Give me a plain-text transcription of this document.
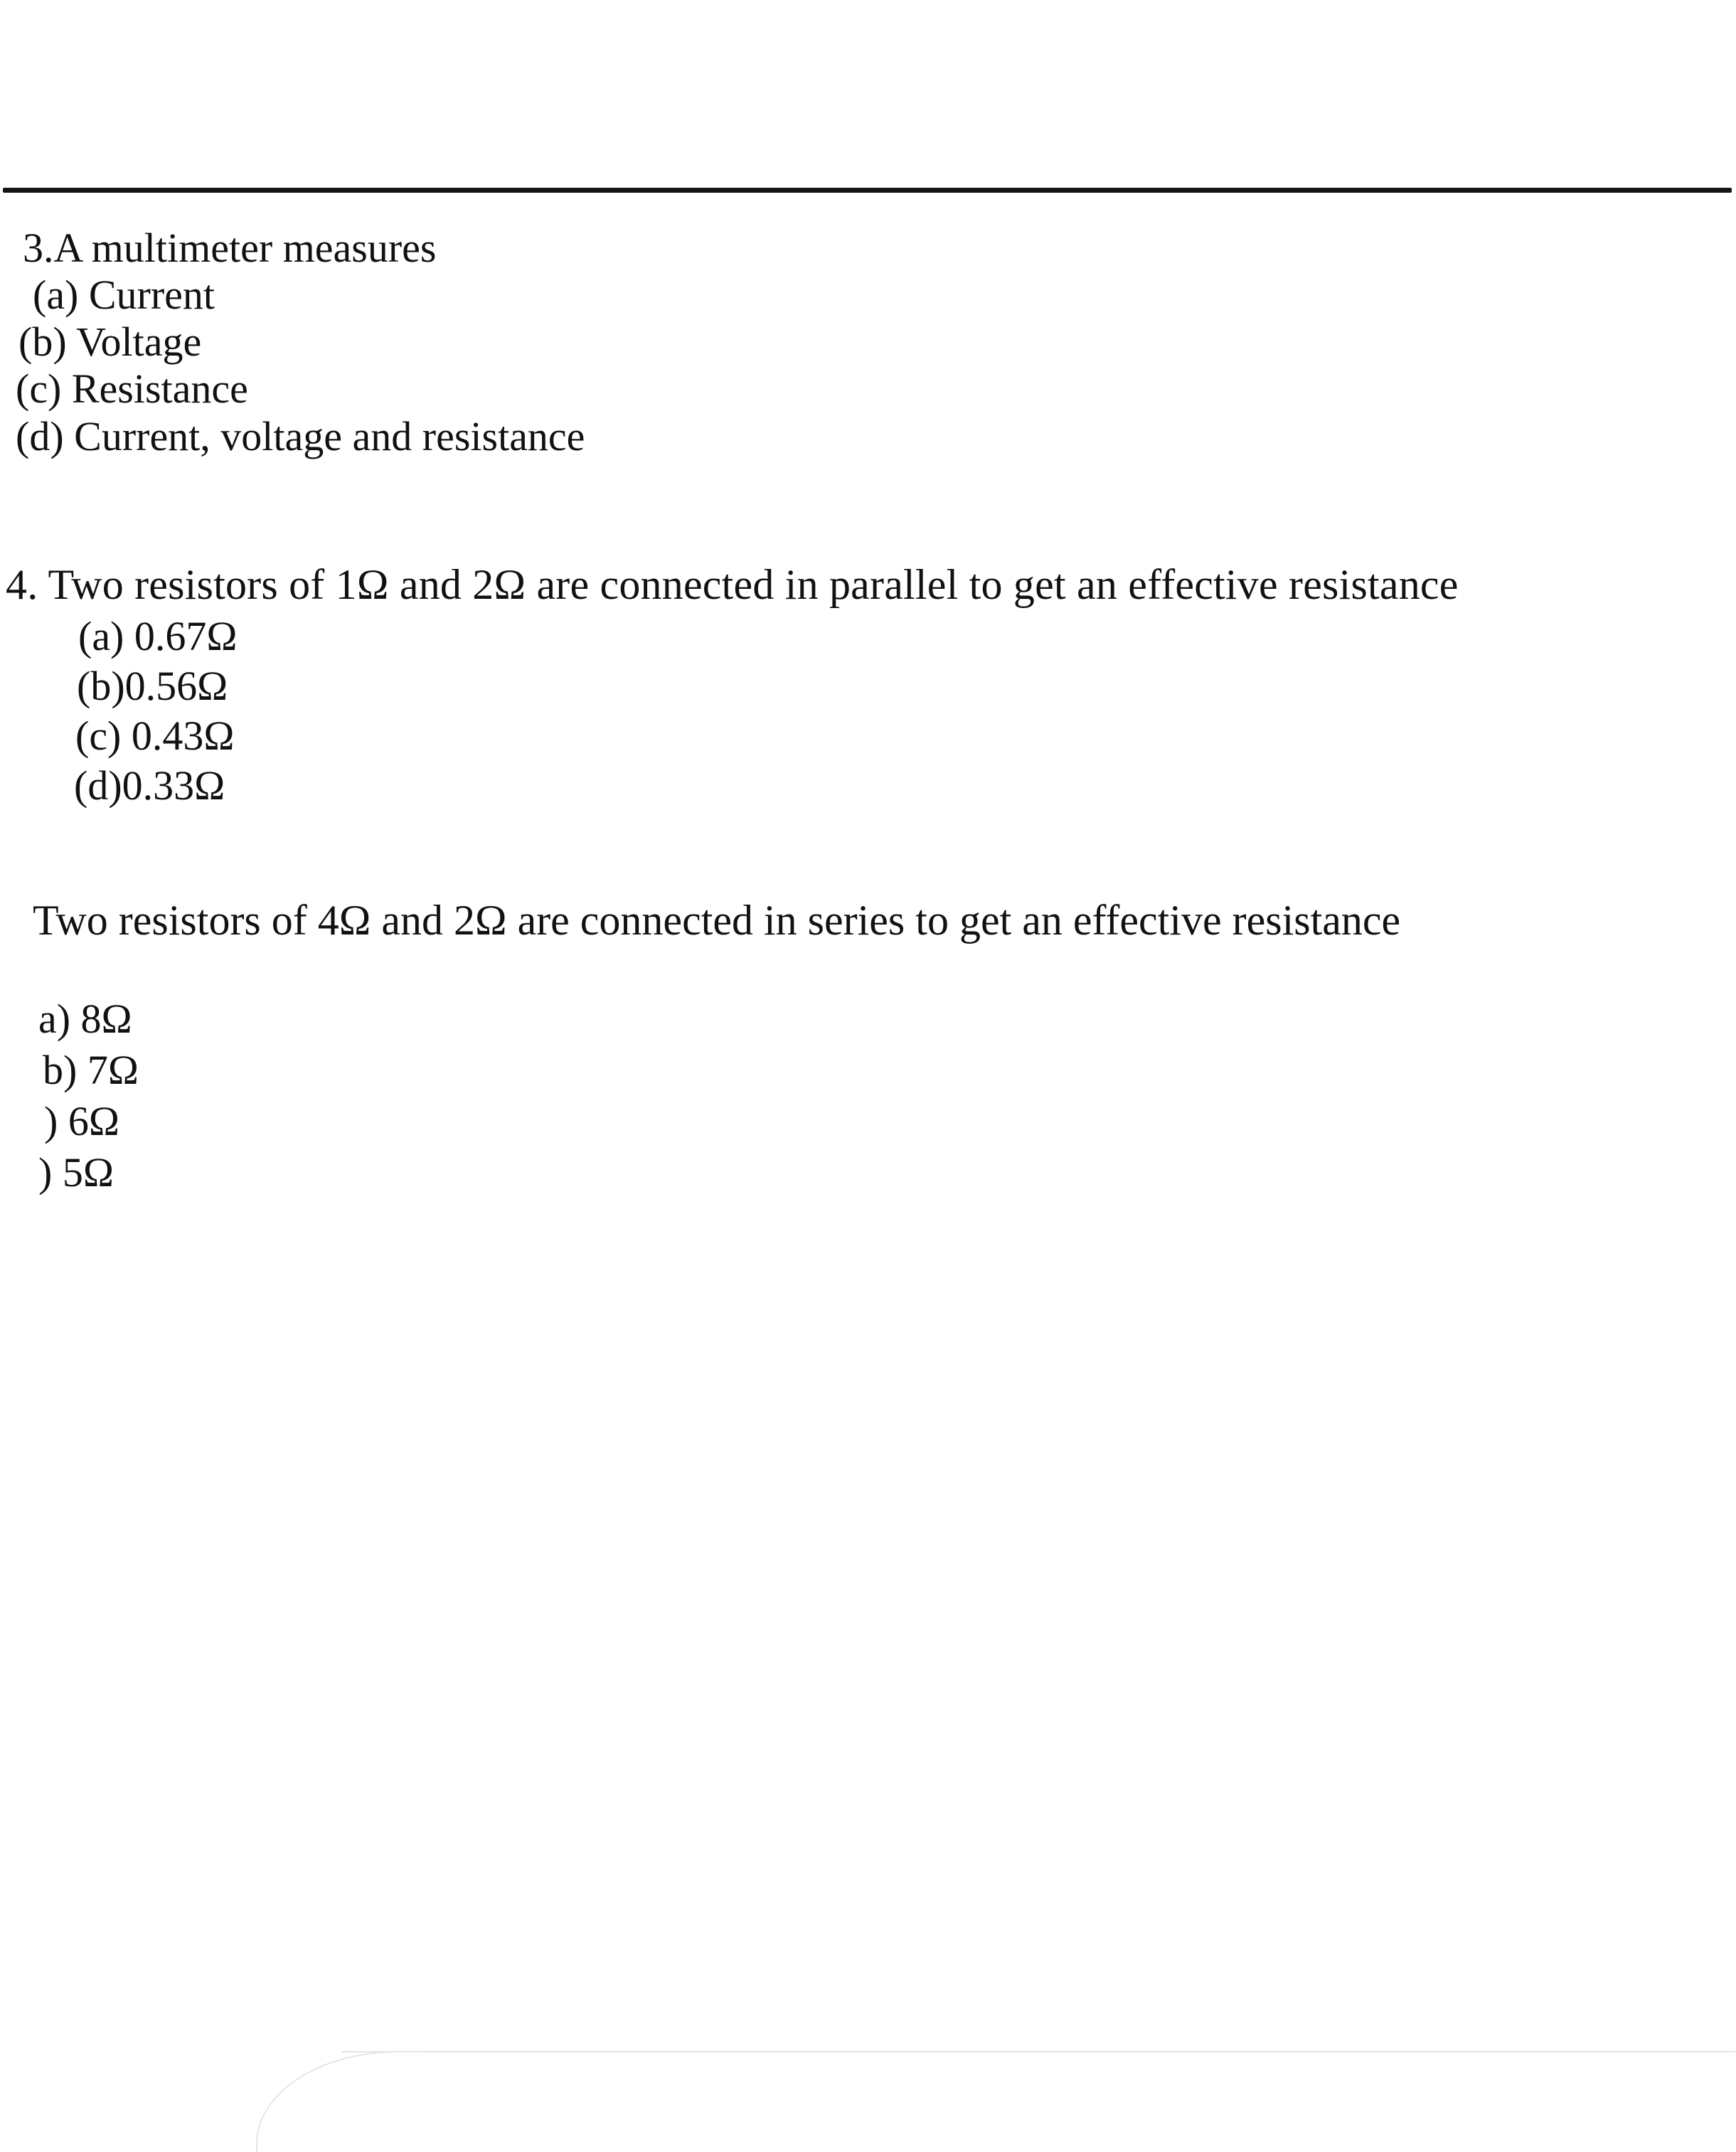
3.A multimeter measures
(a) Current
(b) Voltage
(c) Resistance
(d) Current, voltage and resistance
4. Two resistors of 1Ω and 2Ω are connected in parallel to get an effective resistance
(a) 0.67Ω
(b)0.56Ω
(c) 0.43Ω
(d)0.33Ω
Two resistors of 4Ω and 2Ω are connected in series to get an effective resistance
a) 8Ω
b) 7Ω
) 6Ω
) 5Ω
